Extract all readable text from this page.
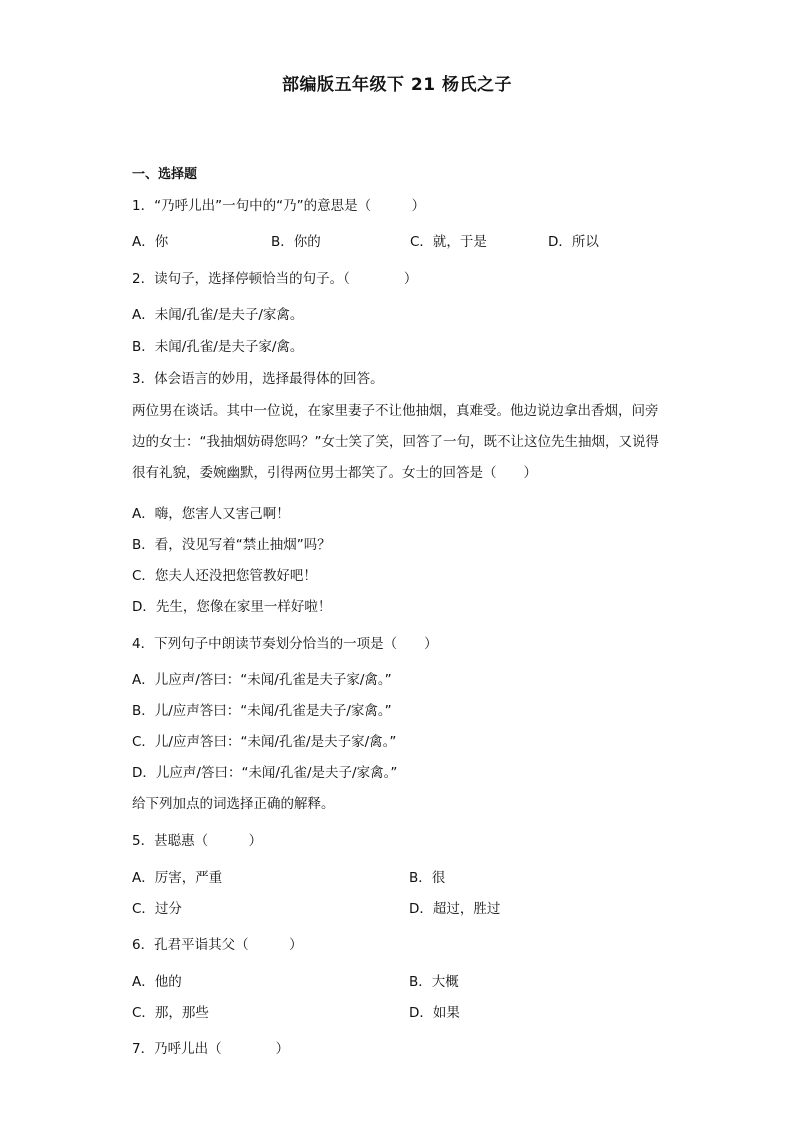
部编版五年级下 21 杨氏之子
一、选择题
1．“乃呼儿出”一句中的“乃”的意思是（　　　）
A．你	B．你的	C．就，于是	D．所以
2．读句子，选择停顿恰当的句子。（　　　　）
A．未闻/孔雀/是夫子/家禽。
B．未闻/孔雀/是夫子家/禽。
3．体会语言的妙用，选择最得体的回答。
两位男在谈话。其中一位说，在家里妻子不让他抽烟，真难受。他边说边拿出香烟，问旁边的女士：“我抽烟妨碍您吗？”女士笑了笑，回答了一句，既不让这位先生抽烟，又说得很有礼貌，委婉幽默，引得两位男士都笑了。女士的回答是（　　）
A．嗨，您害人又害己啊！
B．看，没见写着“禁止抽烟”吗？
C．您夫人还没把您管教好吧！
D．先生，您像在家里一样好啦！
4．下列句子中朗读节奏划分恰当的一项是（　　）
A．儿应声/答曰：“未闻/孔雀是夫子家/禽。”
B．儿/应声答曰：“未闻/孔雀是夫子/家禽。”
C．儿/应声答曰：“未闻/孔雀/是夫子家/禽。”
D．儿应声/答曰：“未闻/孔雀/是夫子/家禽。”
给下列加点的词选择正确的解释。
5．甚聪惠（　　　）
A．厉害，严重	B．很
C．过分	D．超过，胜过
6．孔君平诣其父（　　　）
A．他的	B．大概
C．那，那些	D．如果
7．乃呼儿出（　　　　）
